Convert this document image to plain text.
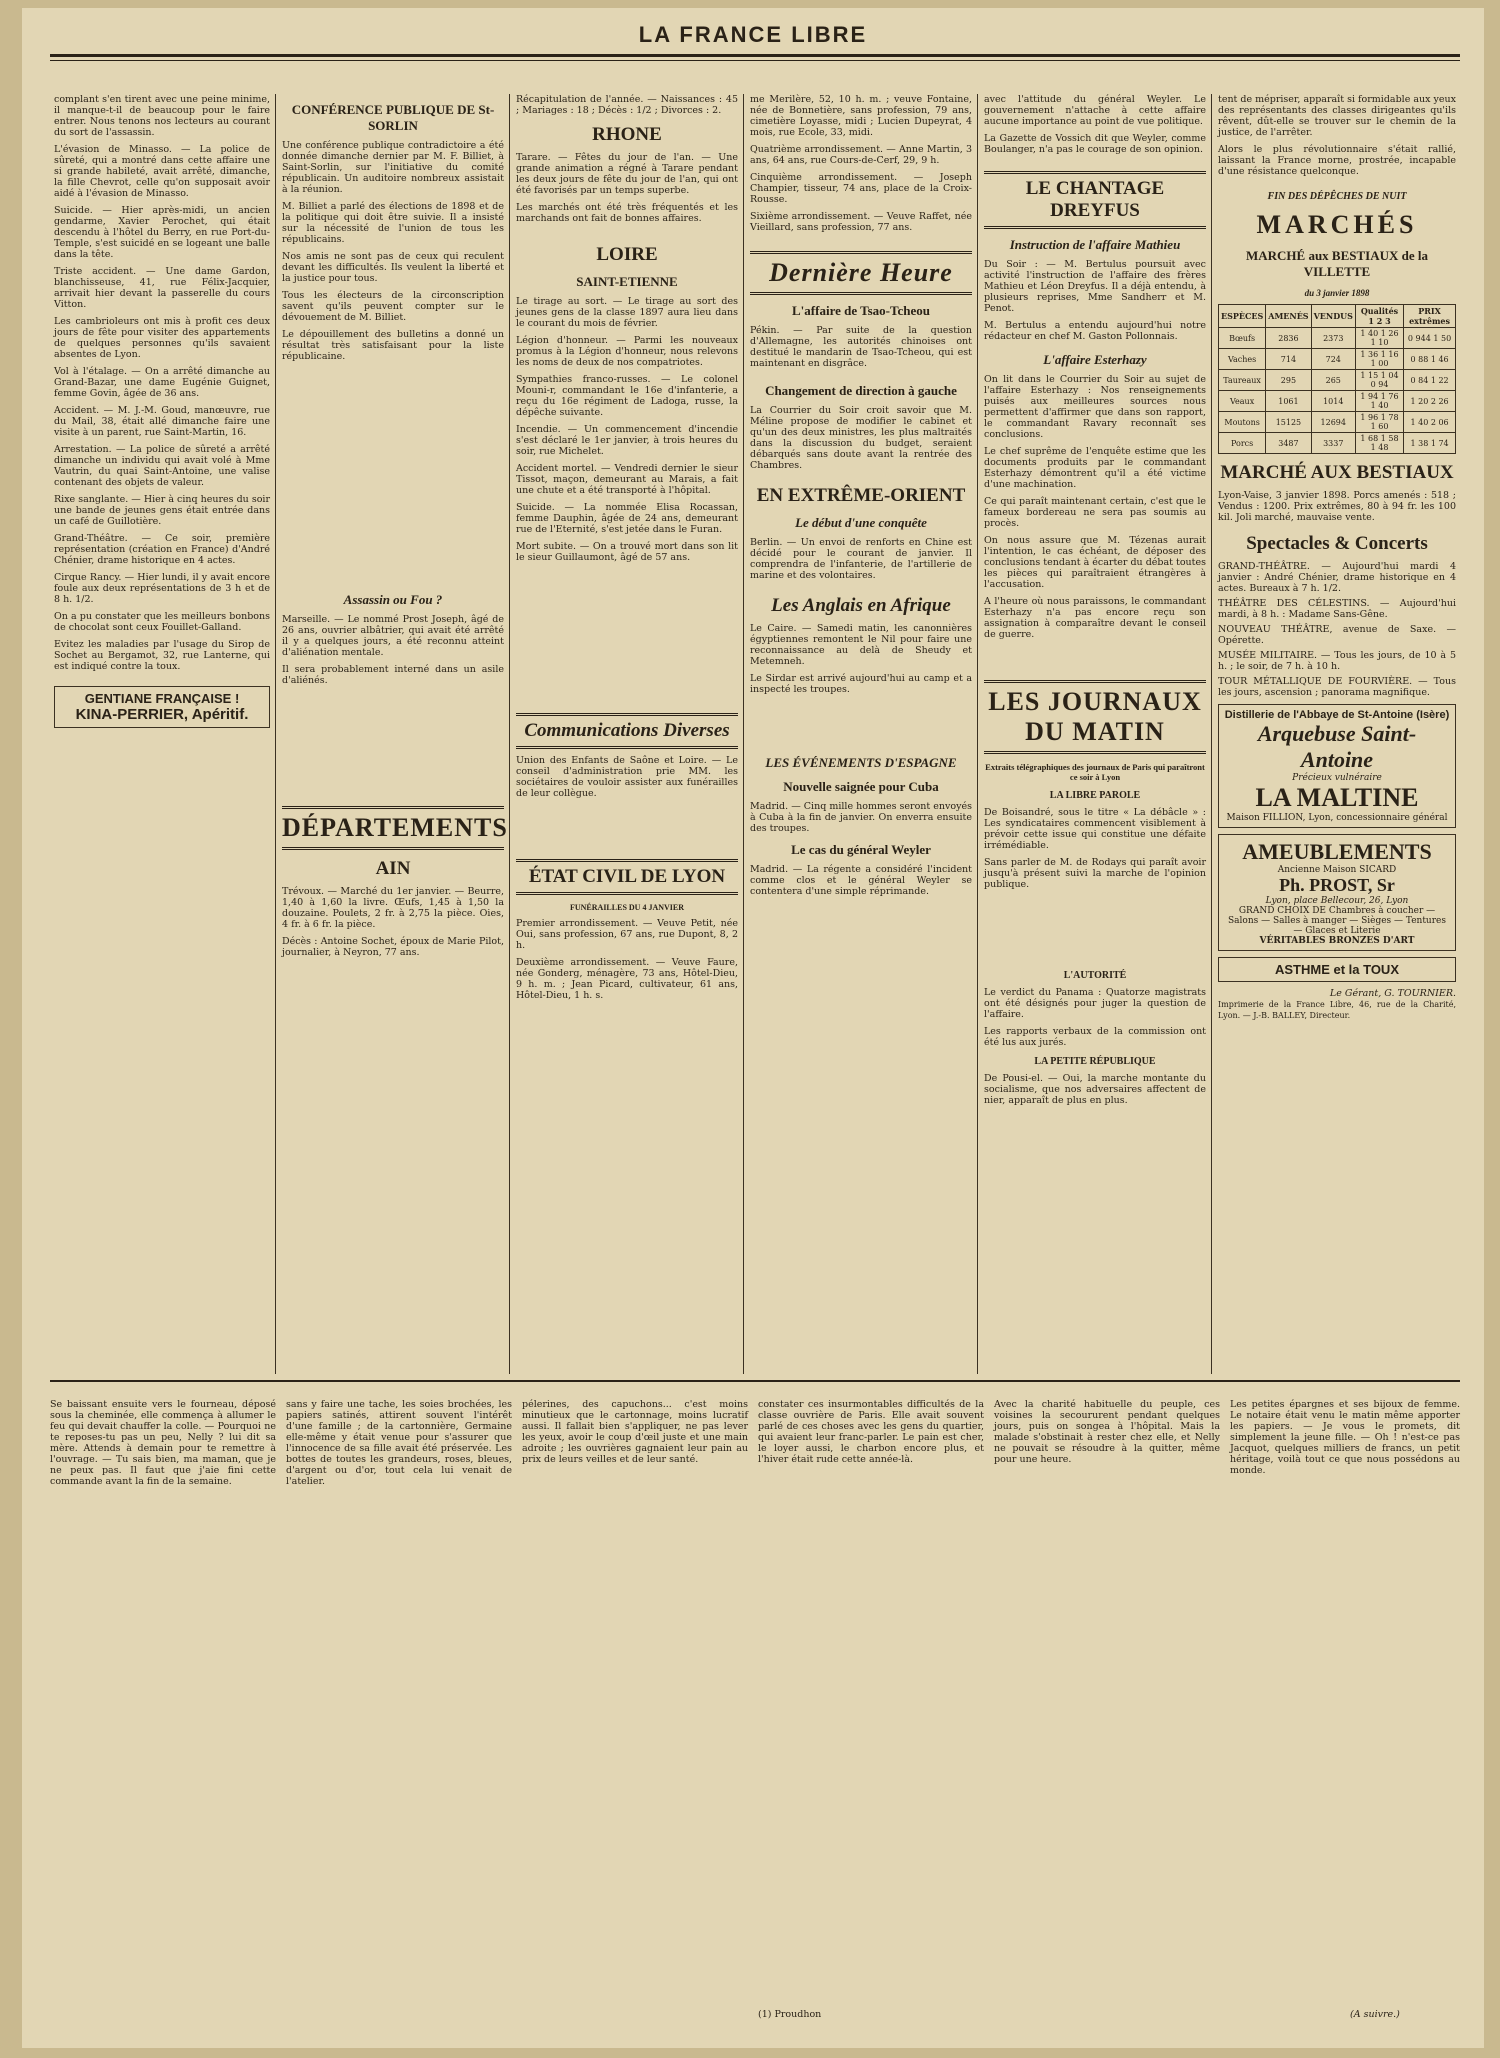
LA FRANCE LIBRE
complant s'en tirent avec une peine minime, il manque-t-il de beaucoup pour le faire entrer. Nous tenons nos lecteurs au courant du sort de l'assassin.
L'évasion de Minasso. — La police de sûreté, qui a montré dans cette affaire une si grande habileté, avait arrêté, dimanche, la fille Chevrot, celle qu'on supposait avoir aidé à l'évasion de Minasso.
Suicide. — Hier après-midi, un ancien gendarme, Xavier Perochet, qui était descendu à l'hôtel du Berry, en rue Port-du-Temple, s'est suicidé en se logeant une balle dans la tête.
Triste accident. — Une dame Gardon, blanchisseuse, 41, rue Félix-Jacquier, arrivait hier devant la passerelle du cours Vitton.
Les cambrioleurs ont mis à profit ces deux jours de fête pour visiter des appartements de quelques personnes qu'ils savaient absentes de Lyon.
Vol à l'étalage. — On a arrêté dimanche au Grand-Bazar, une dame Eugénie Guignet, femme Govin, âgée de 36 ans.
Accident. — M. J.-M. Goud, manœuvre, rue du Mail, 38, était allé dimanche faire une visite à un parent, rue Saint-Martin, 16.
Arrestation. — La police de sûreté a arrêté dimanche un individu qui avait volé à Mme Vautrin, du quai Saint-Antoine, une valise contenant des objets de valeur.
Rixe sanglante. — Hier à cinq heures du soir une bande de jeunes gens était entrée dans un café de Guillotière.
Grand-Théâtre. — Ce soir, première représentation (création en France) d'André Chénier, drame historique en 4 actes.
Cirque Rancy. — Hier lundi, il y avait encore foule aux deux représentations de 3 h et de 8 h. 1/2.
On a pu constater que les meilleurs bonbons de chocolat sont ceux Fouillet-Galland.
Evitez les maladies par l'usage du Sirop de Sochet au Bergamot, 32, rue Lanterne, qui est indiqué contre la toux.
GENTIANE FRANÇAISE !
KINA-PERRIER, Apéritif.
CONFÉRENCE PUBLIQUE DE St-SORLIN
Une conférence publique contradictoire a été donnée dimanche dernier par M. F. Billiet, à Saint-Sorlin, sur l'initiative du comité républicain. Un auditoire nombreux assistait à la réunion.
M. Billiet a parlé des élections de 1898 et de la politique qui doit être suivie. Il a insisté sur la nécessité de l'union de tous les républicains.
Nos amis ne sont pas de ceux qui reculent devant les difficultés. Ils veulent la liberté et la justice pour tous.
Tous les électeurs de la circonscription savent qu'ils peuvent compter sur le dévouement de M. Billiet.
Le dépouillement des bulletins a donné un résultat très satisfaisant pour la liste républicaine.
Assassin ou Fou ?
Marseille. — Le nommé Prost Joseph, âgé de 26 ans, ouvrier albâtrier, qui avait été arrêté il y a quelques jours, a été reconnu atteint d'aliénation mentale.
Il sera probablement interné dans un asile d'aliénés.
DÉPARTEMENTS
AIN
Trévoux. — Marché du 1er janvier. — Beurre, 1,40 à 1,60 la livre. Œufs, 1,45 à 1,50 la douzaine. Poulets, 2 fr. à 2,75 la pièce. Oies, 4 fr. à 6 fr. la pièce.
Décès : Antoine Sochet, époux de Marie Pilot, journalier, à Neyron, 77 ans.
Récapitulation de l'année. — Naissances : 45 ; Mariages : 18 ; Décès : 1/2 ; Divorces : 2.
RHONE
Tarare. — Fêtes du jour de l'an. — Une grande animation a régné à Tarare pendant les deux jours de fête du jour de l'an, qui ont été favorisés par un temps superbe.
Les marchés ont été très fréquentés et les marchands ont fait de bonnes affaires.
LOIRE
SAINT-ETIENNE
Le tirage au sort. — Le tirage au sort des jeunes gens de la classe 1897 aura lieu dans le courant du mois de février.
Légion d'honneur. — Parmi les nouveaux promus à la Légion d'honneur, nous relevons les noms de deux de nos compatriotes.
Sympathies franco-russes. — Le colonel Mouni-r, commandant le 16e d'infanterie, a reçu du 16e régiment de Ladoga, russe, la dépêche suivante.
Incendie. — Un commencement d'incendie s'est déclaré le 1er janvier, à trois heures du soir, rue Michelet.
Accident mortel. — Vendredi dernier le sieur Tissot, maçon, demeurant au Marais, a fait une chute et a été transporté à l'hôpital.
Suicide. — La nommée Elisa Rocassan, femme Dauphin, âgée de 24 ans, demeurant rue de l'Eternité, s'est jetée dans le Furan.
Mort subite. — On a trouvé mort dans son lit le sieur Guillaumont, âgé de 57 ans.
Communications Diverses
Union des Enfants de Saône et Loire. — Le conseil d'administration prie MM. les sociétaires de vouloir assister aux funérailles de leur collègue.
ÉTAT CIVIL DE LYON
FUNÉRAILLES DU 4 JANVIER
Premier arrondissement. — Veuve Petit, née Oui, sans profession, 67 ans, rue Dupont, 8, 2 h.
Deuxième arrondissement. — Veuve Faure, née Gonderg, ménagère, 73 ans, Hôtel-Dieu, 9 h. m. ; Jean Picard, cultivateur, 61 ans, Hôtel-Dieu, 1 h. s.
me Merilère, 52, 10 h. m. ; veuve Fontaine, née de Bonnetière, sans profession, 79 ans, cimetière Loyasse, midi ; Lucien Dupeyrat, 4 mois, rue Ecole, 33, midi.
Quatrième arrondissement. — Anne Martin, 3 ans, 64 ans, rue Cours-de-Cerf, 29, 9 h.
Cinquième arrondissement. — Joseph Champier, tisseur, 74 ans, place de la Croix-Rousse.
Sixième arrondissement. — Veuve Raffet, née Vieillard, sans profession, 77 ans.
Dernière Heure
L'affaire de Tsao-Tcheou
Pékin. — Par suite de la question d'Allemagne, les autorités chinoises ont destitué le mandarin de Tsao-Tcheou, qui est maintenant en disgrâce.
Changement de direction à gauche
La Courrier du Soir croit savoir que M. Méline propose de modifier le cabinet et qu'un des deux ministres, les plus maltraités dans la discussion du budget, seraient débarqués sans doute avant la rentrée des Chambres.
EN EXTRÊME-ORIENT
Le début d'une conquête
Berlin. — Un envoi de renforts en Chine est décidé pour le courant de janvier. Il comprendra de l'infanterie, de l'artillerie de marine et des volontaires.
Les Anglais en Afrique
Le Caire. — Samedi matin, les canonnières égyptiennes remontent le Nil pour faire une reconnaissance au delà de Sheudy et Metemneh.
Le Sirdar est arrivé aujourd'hui au camp et a inspecté les troupes.
LES ÉVÉNEMENTS D'ESPAGNE
Nouvelle saignée pour Cuba
Madrid. — Cinq mille hommes seront envoyés à Cuba à la fin de janvier. On enverra ensuite des troupes.
Le cas du général Weyler
Madrid. — La régente a considéré l'incident comme clos et le général Weyler se contentera d'une simple réprimande.
avec l'attitude du général Weyler. Le gouvernement n'attache à cette affaire aucune importance au point de vue politique.
La Gazette de Vossich dit que Weyler, comme Boulanger, n'a pas le courage de son opinion.
LE CHANTAGE DREYFUS
Instruction de l'affaire Mathieu
Du Soir : — M. Bertulus poursuit avec activité l'instruction de l'affaire des frères Mathieu et Léon Dreyfus. Il a déjà entendu, à plusieurs reprises, Mme Sandherr et M. Penot.
M. Bertulus a entendu aujourd'hui notre rédacteur en chef M. Gaston Pollonnais.
L'affaire Esterhazy
On lit dans le Courrier du Soir au sujet de l'affaire Esterhazy : Nos renseignements puisés aux meilleures sources nous permettent d'affirmer que dans son rapport, le commandant Ravary reconnaît ses conclusions.
Le chef suprême de l'enquête estime que les documents produits par le commandant Esterhazy démontrent qu'il a été victime d'une machination.
Ce qui paraît maintenant certain, c'est que le fameux bordereau ne sera pas soumis au procès.
On nous assure que M. Tézenas aurait l'intention, le cas échéant, de déposer des conclusions tendant à écarter du débat toutes les pièces qui paraîtraient étrangères à l'accusation.
A l'heure où nous paraissons, le commandant Esterhazy n'a pas encore reçu son assignation à comparaître devant le conseil de guerre.
LES JOURNAUX DU MATIN
Extraits télégraphiques des journaux de Paris qui paraîtront ce soir à Lyon
LA LIBRE PAROLE
De Boisandré, sous le titre « La débâcle » : Les syndicataires commencent visiblement à prévoir cette issue qui constitue une défaite irrémédiable.
Sans parler de M. de Rodays qui paraît avoir jusqu'à présent suivi la marche de l'opinion publique.
L'AUTORITÉ
Le verdict du Panama : Quatorze magistrats ont été désignés pour juger la question de l'affaire.
Les rapports verbaux de la commission ont été lus aux jurés.
LA PETITE RÉPUBLIQUE
De Pousi-el. — Oui, la marche montante du socialisme, que nos adversaires affectent de nier, apparaît de plus en plus.
tent de mépriser, apparaît si formidable aux yeux des représentants des classes dirigeantes qu'ils rêvent, dût-elle se trouver sur le chemin de la justice, de l'arrêter.
Alors le plus révolutionnaire s'était rallié, laissant la France morne, prostrée, incapable d'une résistance quelconque.
FIN DES DÉPÊCHES DE NUIT
MARCHÉS
MARCHÉ aux BESTIAUX de la VILLETTE
du 3 janvier 1898
ESPÈCES	AMENÉS	VENDUS	Qualités 1 2 3	PRIX extrêmes
Bœufs	2836	2373	1 40 1 26 1 10	0 944 1 50
Vaches	714	724	1 36 1 16 1 00	0 88 1 46
Taureaux	295	265	1 15 1 04 0 94	0 84 1 22
Veaux	1061	1014	1 94 1 76 1 40	1 20 2 26
Moutons	15125	12694	1 96 1 78 1 60	1 40 2 06
Porcs	3487	3337	1 68 1 58 1 48	1 38 1 74
MARCHÉ AUX BESTIAUX
Lyon-Vaise, 3 janvier 1898. Porcs amenés : 518 ; Vendus : 1200. Prix extrêmes, 80 à 94 fr. les 100 kil. Joli marché, mauvaise vente.
Spectacles & Concerts
GRAND-THÉÂTRE. — Aujourd'hui mardi 4 janvier : André Chénier, drame historique en 4 actes. Bureaux à 7 h. 1/2.
THÉÂTRE DES CÉLESTINS. — Aujourd'hui mardi, à 8 h. : Madame Sans-Gêne.
NOUVEAU THÉÂTRE, avenue de Saxe. — Opérette.
MUSÉE MILITAIRE. — Tous les jours, de 10 à 5 h. ; le soir, de 7 h. à 10 h.
TOUR MÉTALLIQUE DE FOURVIÈRE. — Tous les jours, ascension ; panorama magnifique.
Distillerie de l'Abbaye de St-Antoine (Isère)
Arquebuse Saint-Antoine
Précieux vulnéraire
LA MALTINE
Maison FILLION, Lyon, concessionnaire général
AMEUBLEMENTS
Ancienne Maison SICARD
Ph. PROST, Sr
Lyon, place Bellecour, 26, Lyon
GRAND CHOIX DE Chambres à coucher — Salons — Salles à manger — Sièges — Tentures — Glaces et Literie
VÉRITABLES BRONZES D'ART
ASTHME et la TOUX
Le Gérant, G. TOURNIER.
Imprimerie de la France Libre, 46, rue de la Charité, Lyon. — J.-B. BALLEY, Directeur.
Se baissant ensuite vers le fourneau, déposé sous la cheminée, elle commença à allumer le feu qui devait chauffer la colle. — Pourquoi ne te reposes-tu pas un peu, Nelly ? lui dit sa mère. Attends à demain pour te remettre à l'ouvrage. — Tu sais bien, ma maman, que je ne peux pas. Il faut que j'aie fini cette commande avant la fin de la semaine.
sans y faire une tache, les soies brochées, les papiers satinés, attirent souvent l'intérêt d'une famille ; de la cartonnière, Germaine elle-même y était venue pour s'assurer que l'innocence de sa fille avait été préservée. Les bottes de toutes les grandeurs, roses, bleues, d'argent ou d'or, tout cela lui venait de l'atelier.
pélerines, des capuchons... c'est moins minutieux que le cartonnage, moins lucratif aussi. Il fallait bien s'appliquer, ne pas lever les yeux, avoir le coup d'œil juste et une main adroite ; les ouvrières gagnaient leur pain au prix de leurs veilles et de leur santé.
constater ces insurmontables difficultés de la classe ouvrière de Paris. Elle avait souvent parlé de ces choses avec les gens du quartier, qui avaient leur franc-parler. Le pain est cher, le loyer aussi, le charbon encore plus, et l'hiver était rude cette année-là.
Avec la charité habituelle du peuple, ces voisines la secoururent pendant quelques jours, puis on songea à l'hôpital. Mais la malade s'obstinait à rester chez elle, et Nelly ne pouvait se résoudre à la quitter, même pour une heure.
Les petites épargnes et ses bijoux de femme. Le notaire était venu le matin même apporter les papiers. — Je vous le promets, dit simplement la jeune fille. — Oh ! n'est-ce pas Jacquot, quelques milliers de francs, un petit héritage, voilà tout ce que nous possédons au monde.
(A suivre.)
(1) Proudhon
